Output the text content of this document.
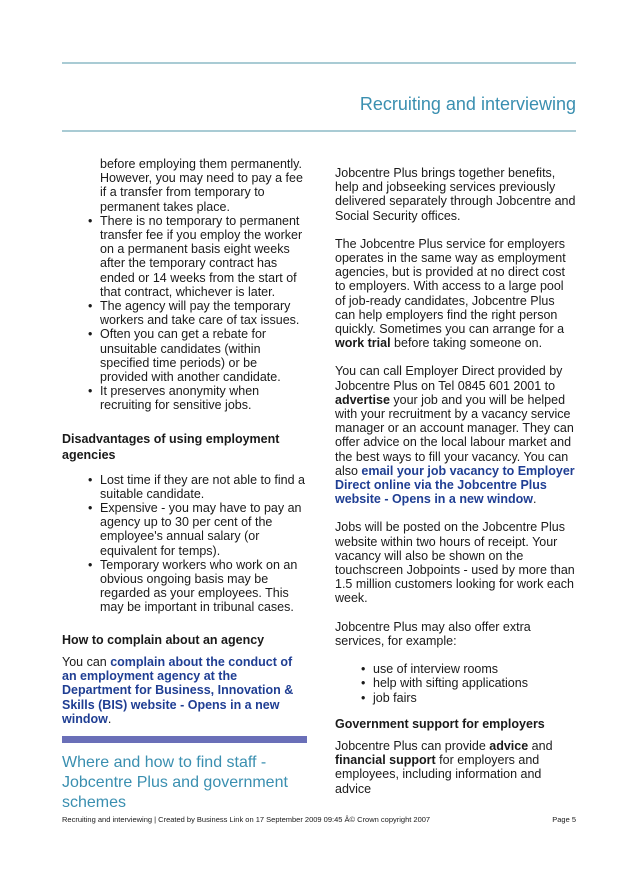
Recruiting and interviewing

before employing them permanently. However, you may need to pay a fee if a transfer from temporary to permanent takes place.

• There is no temporary to permanent transfer fee if you employ the worker on a permanent basis eight weeks after the temporary contract has ended or 14 weeks from the start of that contract, whichever is later.
• The agency will pay the temporary workers and take care of tax issues.
• Often you can get a rebate for unsuitable candidates (within specified time periods) or be provided with another candidate.
• It preserves anonymity when recruiting for sensitive jobs.

Disadvantages of using employment agencies

• Lost time if they are not able to find a suitable candidate.
• Expensive - you may have to pay an agency up to 30 per cent of the employee's annual salary (or equivalent for temps).
• Temporary workers who work on an obvious ongoing basis may be regarded as your employees. This may be important in tribunal cases.

How to complain about an agency

You can complain about the conduct of an employment agency at the Department for Business, Innovation & Skills (BIS) website - Opens in a new window.

Where and how to find staff - Jobcentre Plus and government schemes

Jobcentre Plus brings together benefits, help and jobseeking services previously delivered separately through Jobcentre and Social Security offices.

The Jobcentre Plus service for employers operates in the same way as employment agencies, but is provided at no direct cost to employers. With access to a large pool of job-ready candidates, Jobcentre Plus can help employers find the right person quickly. Sometimes you can arrange for a work trial before taking someone on.

You can call Employer Direct provided by Jobcentre Plus on Tel 0845 601 2001 to advertise your job and you will be helped with your recruitment by a vacancy service manager or an account manager. They can offer advice on the local labour market and the best ways to fill your vacancy. You can also email your job vacancy to Employer Direct online via the Jobcentre Plus website - Opens in a new window.

Jobs will be posted on the Jobcentre Plus website within two hours of receipt. Your vacancy will also be shown on the touchscreen Jobpoints - used by more than 1.5 million customers looking for work each week.

Jobcentre Plus may also offer extra services, for example:

• use of interview rooms
• help with sifting applications
• job fairs

Government support for employers

Jobcentre Plus can provide advice and financial support for employers and employees, including information and advice

Recruiting and interviewing | Created by Business Link on 17 September 2009 09:45 Â© Crown copyright 2007	Page 5
